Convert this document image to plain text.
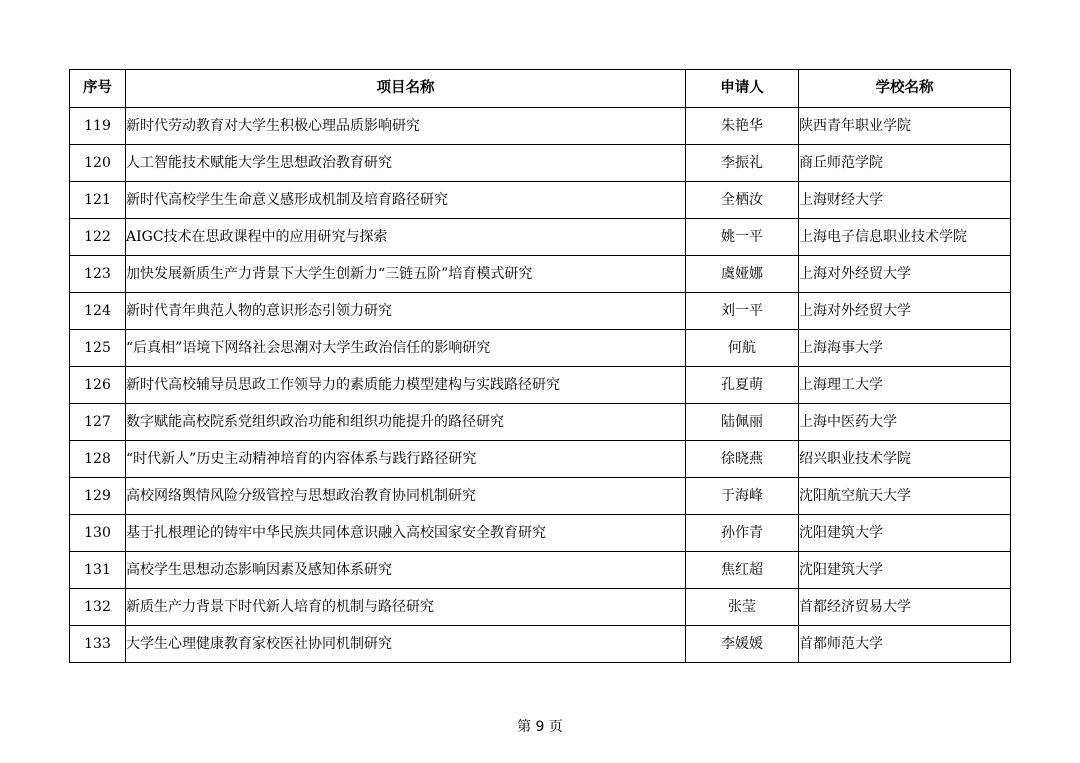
序号	项目名称	申请人	学校名称
119	新时代劳动教育对大学生积极心理品质影响研究	朱艳华	陕西青年职业学院
120	人工智能技术赋能大学生思想政治教育研究	李振礼	商丘师范学院
121	新时代高校学生生命意义感形成机制及培育路径研究	全栖汝	上海财经大学
122	AIGC技术在思政课程中的应用研究与探索	姚一平	上海电子信息职业技术学院
123	加快发展新质生产力背景下大学生创新力“三链五阶”培育模式研究	虞娅娜	上海对外经贸大学
124	新时代青年典范人物的意识形态引领力研究	刘一平	上海对外经贸大学
125	“后真相”语境下网络社会思潮对大学生政治信任的影响研究	何航	上海海事大学
126	新时代高校辅导员思政工作领导力的素质能力模型建构与实践路径研究	孔夏萌	上海理工大学
127	数字赋能高校院系党组织政治功能和组织功能提升的路径研究	陆佩丽	上海中医药大学
128	“时代新人”历史主动精神培育的内容体系与践行路径研究	徐晓燕	绍兴职业技术学院
129	高校网络舆情风险分级管控与思想政治教育协同机制研究	于海峰	沈阳航空航天大学
130	基于扎根理论的铸牢中华民族共同体意识融入高校国家安全教育研究	孙作青	沈阳建筑大学
131	高校学生思想动态影响因素及感知体系研究	焦红超	沈阳建筑大学
132	新质生产力背景下时代新人培育的机制与路径研究	张莹	首都经济贸易大学
133	大学生心理健康教育家校医社协同机制研究	李媛媛	首都师范大学
第 9 页
